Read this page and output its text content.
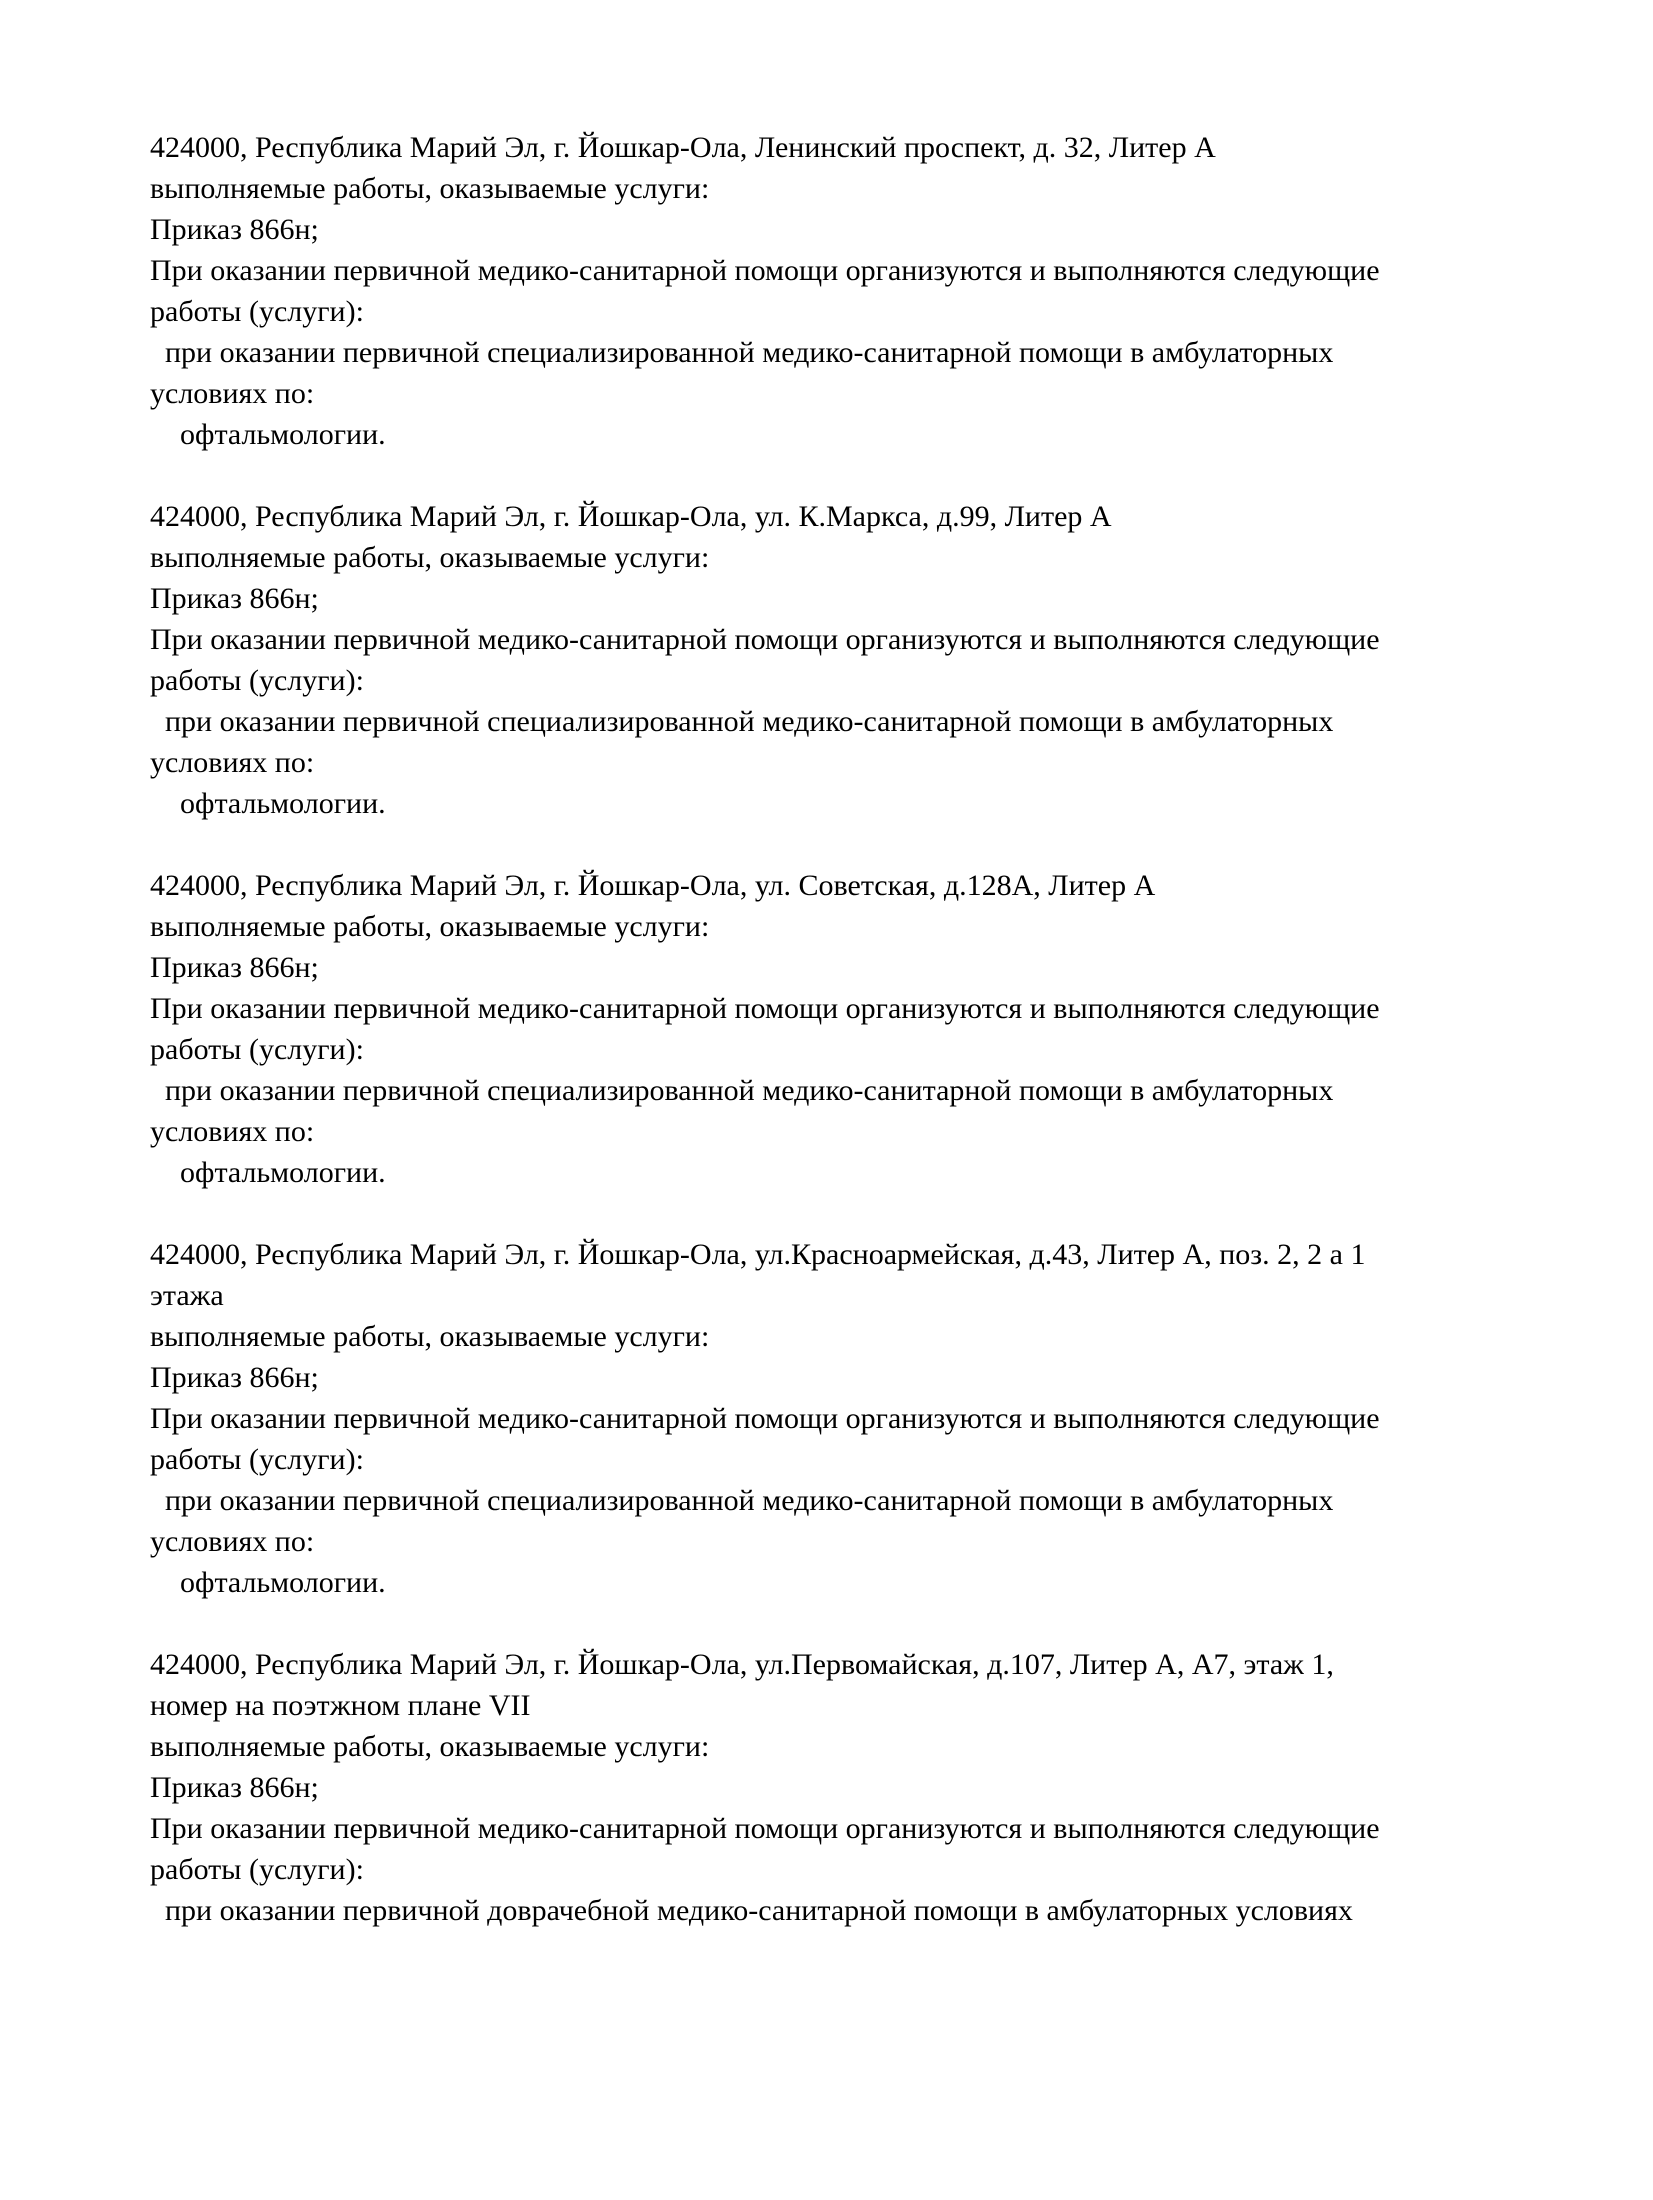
424000, Республика Марий Эл, г. Йошкар-Ола, Ленинский проспект, д. 32, Литер А
выполняемые работы, оказываемые услуги:
Приказ 866н;
При оказании первичной медико-санитарной помощи организуются и выполняются следующие
работы (услуги):
при оказании первичной специализированной медико-санитарной помощи в амбулаторных
условиях по:
офтальмологии.
424000, Республика Марий Эл, г. Йошкар-Ола, ул. К.Маркса, д.99, Литер А
выполняемые работы, оказываемые услуги:
Приказ 866н;
При оказании первичной медико-санитарной помощи организуются и выполняются следующие
работы (услуги):
при оказании первичной специализированной медико-санитарной помощи в амбулаторных
условиях по:
офтальмологии.
424000, Республика Марий Эл, г. Йошкар-Ола, ул. Советская, д.128А, Литер А
выполняемые работы, оказываемые услуги:
Приказ 866н;
При оказании первичной медико-санитарной помощи организуются и выполняются следующие
работы (услуги):
при оказании первичной специализированной медико-санитарной помощи в амбулаторных
условиях по:
офтальмологии.
424000, Республика Марий Эл, г. Йошкар-Ола, ул.Красноармейская, д.43, Литер А, поз. 2, 2 а 1
этажа
выполняемые работы, оказываемые услуги:
Приказ 866н;
При оказании первичной медико-санитарной помощи организуются и выполняются следующие
работы (услуги):
при оказании первичной специализированной медико-санитарной помощи в амбулаторных
условиях по:
офтальмологии.
424000, Республика Марий Эл, г. Йошкар-Ола, ул.Первомайская, д.107, Литер А, А7, этаж 1,
номер на поэтжном плане VII
выполняемые работы, оказываемые услуги:
Приказ 866н;
При оказании первичной медико-санитарной помощи организуются и выполняются следующие
работы (услуги):
при оказании первичной доврачебной медико-санитарной помощи в амбулаторных условиях
